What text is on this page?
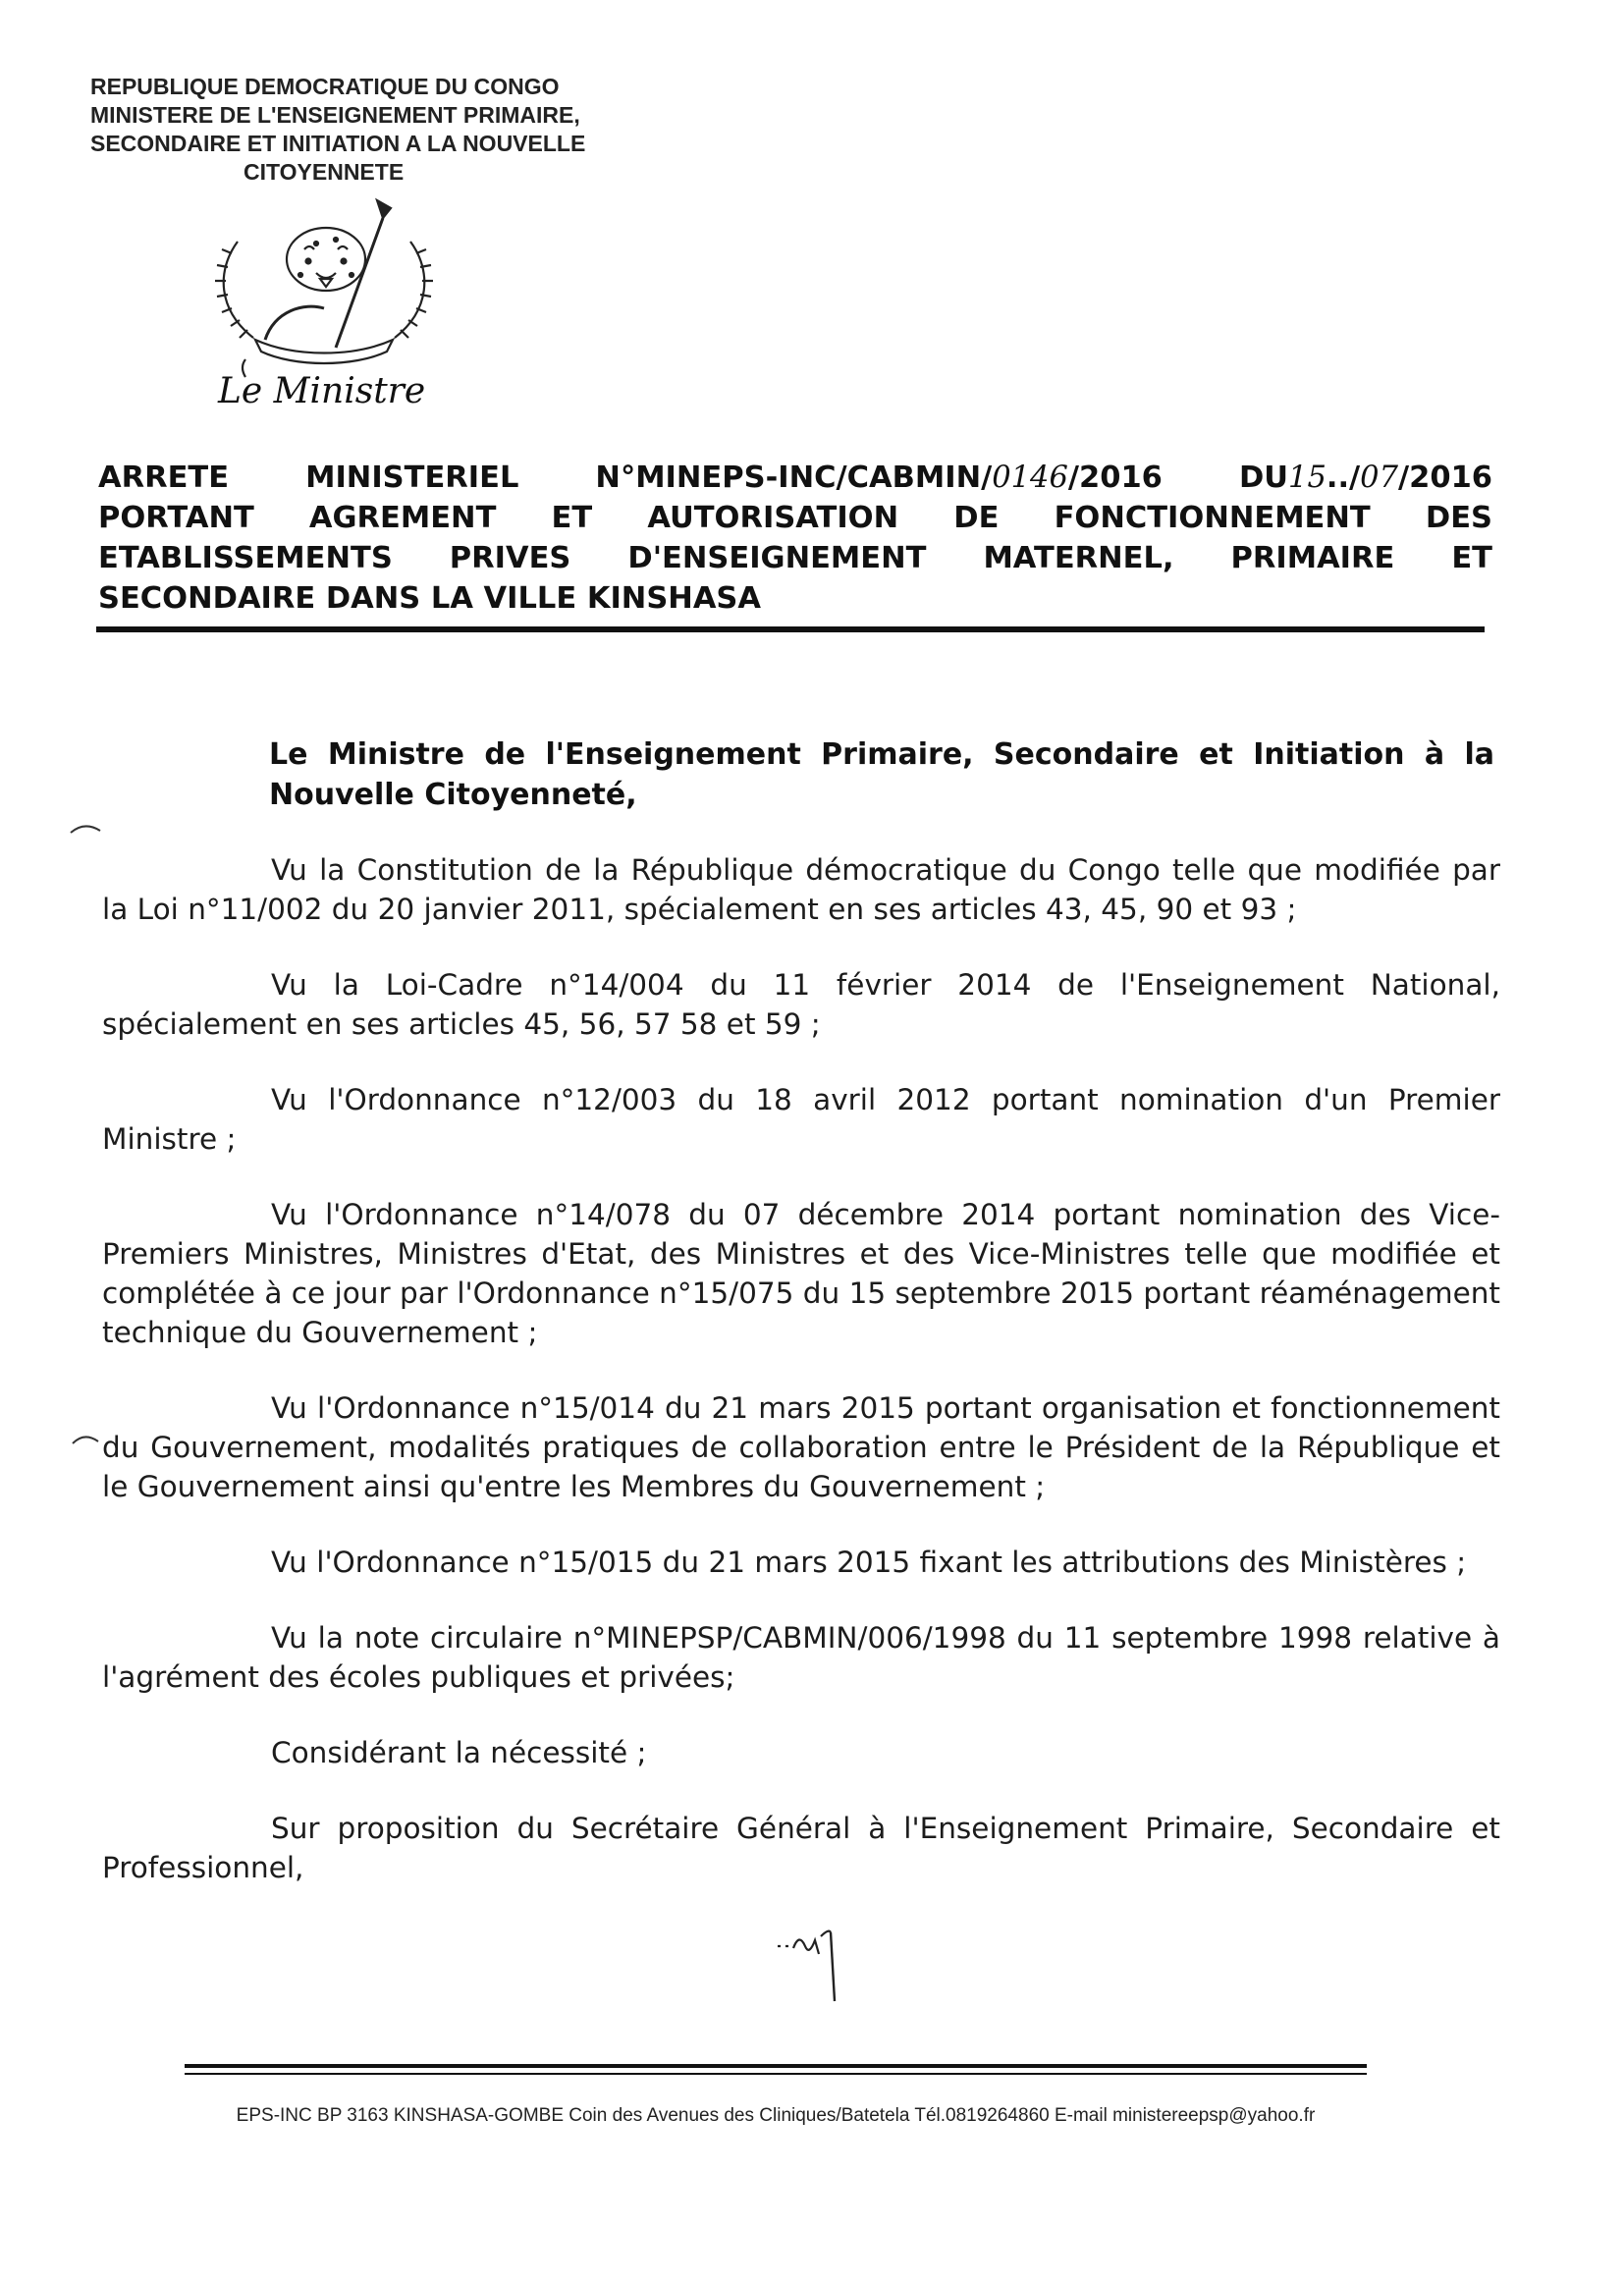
REPUBLIQUE DEMOCRATIQUE DU CONGO
MINISTERE DE L'ENSEIGNEMENT PRIMAIRE,
SECONDAIRE ET INITIATION A LA NOUVELLE
CITOYENNETE
Le Ministre
ARRETE MINISTERIEL N°MINEPS-INC/CABMIN/0146/2016 DU15../07/2016
PORTANT AGREMENT ET AUTORISATION DE FONCTIONNEMENT DES
ETABLISSEMENTS PRIVES D'ENSEIGNEMENT MATERNEL, PRIMAIRE ET
SECONDAIRE DANS LA VILLE KINSHASA
Le Ministre de l'Enseignement Primaire, Secondaire et Initiation à la Nouvelle Citoyenneté,

Vu la Constitution de la République démocratique du Congo telle que modifiée par la Loi n°11/002 du 20 janvier 2011, spécialement en ses articles 43, 45, 90 et 93 ;

Vu la Loi-Cadre n°14/004 du 11 février 2014 de l'Enseignement National, spécialement en ses articles 45, 56, 57 58 et 59 ;

Vu l'Ordonnance n°12/003 du 18 avril 2012 portant nomination d'un Premier Ministre ;

Vu l'Ordonnance n°14/078 du 07 décembre 2014 portant nomination des Vice-Premiers Ministres, Ministres d'Etat, des Ministres et des Vice-Ministres telle que modifiée et complétée à ce jour par l'Ordonnance n°15/075 du 15 septembre 2015 portant réaménagement technique du Gouvernement ;

Vu l'Ordonnance n°15/014 du 21 mars 2015 portant organisation et fonctionnement du Gouvernement, modalités pratiques de collaboration entre le Président de la République et le Gouvernement ainsi qu'entre les Membres du Gouvernement ;

Vu l'Ordonnance n°15/015 du 21 mars 2015 fixant les attributions des Ministères ;

Vu la note circulaire n°MINEPSP/CABMIN/006/1998 du 11 septembre 1998 relative à l'agrément des écoles publiques et privées;

Considérant la nécessité ;

Sur proposition du Secrétaire Général à l'Enseignement Primaire, Secondaire et Professionnel,

EPS-INC BP 3163 KINSHASA-GOMBE Coin des Avenues des Cliniques/Batetela Tél.0819264860 E-mail ministereepsp@yahoo.fr
